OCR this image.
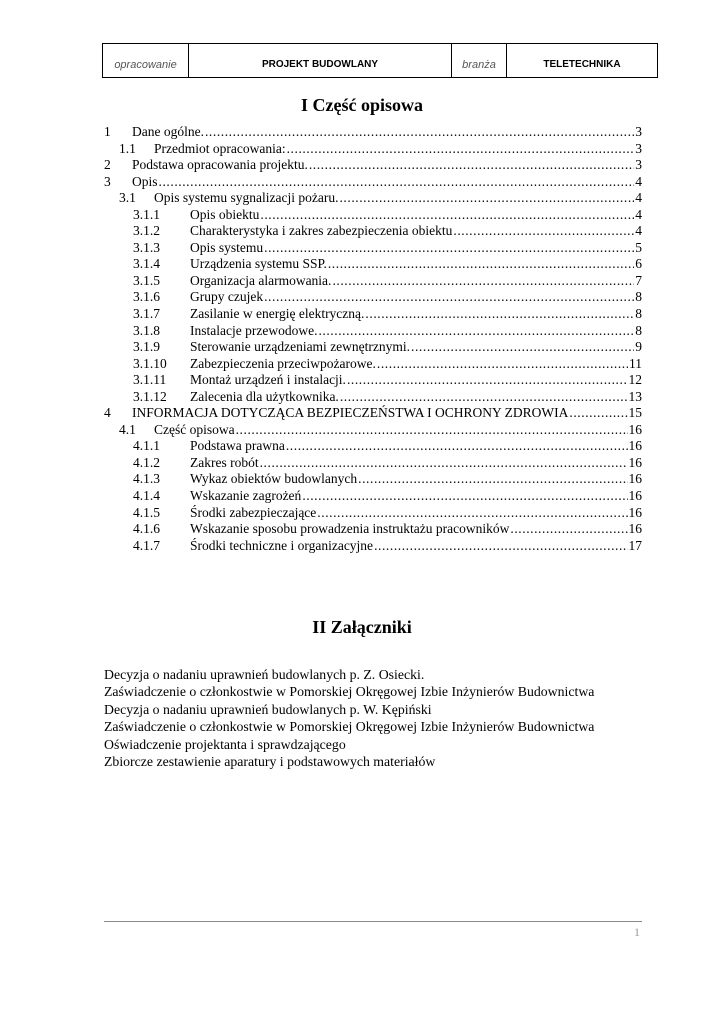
opracowanie	PROJEKT BUDOWLANY	branża	TELETECHNIKA
I Część opisowa
1	Dane ogólne. . . .	3
1.1	Przedmiot opracowania: . . .	3
2	Podstawa opracowania projektu. . . .	3
3	Opis . . .	4
3.1	Opis systemu sygnalizacji pożaru. . . .	4
3.1.1	Opis obiektu . . .	4
3.1.2	Charakterystyka i zakres zabezpieczenia obiektu . . .	4
3.1.3	Opis systemu . . .	5
3.1.4	Urządzenia systemu SSP. . . .	6
3.1.5	Organizacja alarmowania. . . .	7
3.1.6	Grupy czujek . . .	8
3.1.7	Zasilanie w energię elektryczną. . . .	8
3.1.8	Instalacje przewodowe. . . .	8
3.1.9	Sterowanie urządzeniami zewnętrznymi. . . .	9
3.1.10	Zabezpieczenia przeciwpożarowe. . . .	11
3.1.11	Montaż urządzeń i instalacji. . . .	12
3.1.12	Zalecenia dla użytkownika. . . .	13
4	INFORMACJA DOTYCZĄCA BEZPIECZEŃSTWA I OCHRONY ZDROWIA . . .	15
4.1	Część opisowa . . .	16
4.1.1	Podstawa prawna . . .	16
4.1.2	Zakres robót . . .	16
4.1.3	Wykaz obiektów budowlanych . . .	16
4.1.4	Wskazanie zagrożeń . . .	16
4.1.5	Środki zabezpieczające . . .	16
4.1.6	Wskazanie sposobu prowadzenia instruktażu pracowników . . .	16
4.1.7	Środki techniczne i organizacyjne . . .	17
II Załączniki
Decyzja o nadaniu uprawnień budowlanych p. Z. Osiecki.
Zaświadczenie o członkostwie w Pomorskiej Okręgowej Izbie Inżynierów Budownictwa
Decyzja o nadaniu uprawnień budowlanych p. W. Kępiński
Zaświadczenie o członkostwie w Pomorskiej Okręgowej Izbie Inżynierów Budownictwa
Oświadczenie projektanta i sprawdzającego
Zbiorcze zestawienie aparatury i podstawowych materiałów
1
